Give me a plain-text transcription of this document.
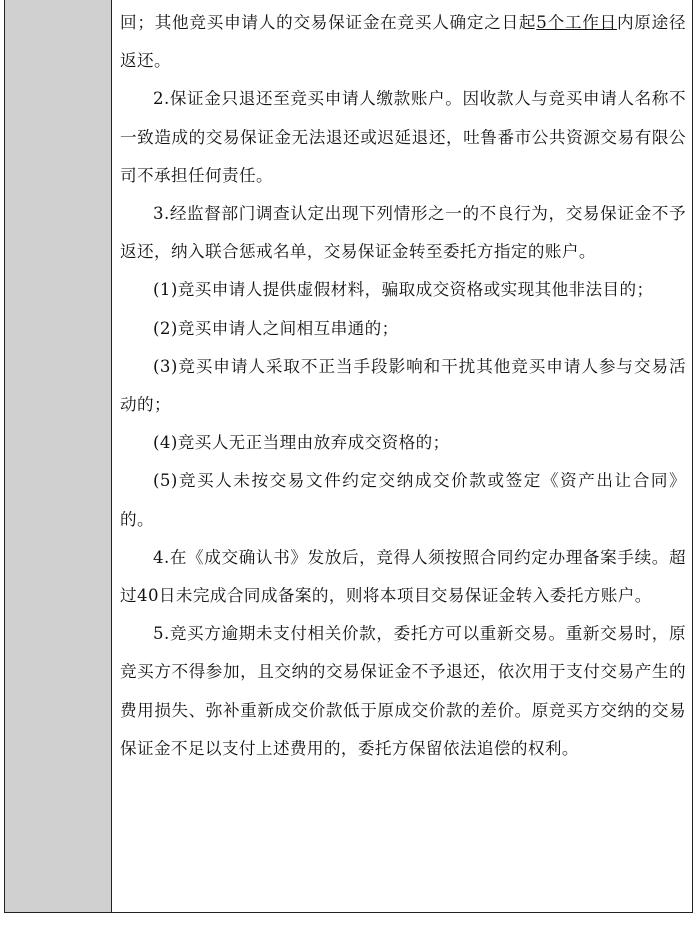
回；其他竞买申请人的交易保证金在竞买人确定之日起5个工作日内原途径返还。

2.保证金只退还至竞买申请人缴款账户。因收款人与竞买申请人名称不一致造成的交易保证金无法退还或迟延退还，吐鲁番市公共资源交易有限公司不承担任何责任。

3.经监督部门调查认定出现下列情形之一的不良行为，交易保证金不予返还，纳入联合惩戒名单，交易保证金转至委托方指定的账户。

(1)竞买申请人提供虚假材料，骗取成交资格或实现其他非法目的；

(2)竞买申请人之间相互串通的；

(3)竞买申请人采取不正当手段影响和干扰其他竞买申请人参与交易活动的；

(4)竞买人无正当理由放弃成交资格的；

(5)竞买人未按交易文件约定交纳成交价款或签定《资产出让合同》的。

4.在《成交确认书》发放后，竞得人须按照合同约定办理备案手续。超过40日未完成合同成备案的，则将本项目交易保证金转入委托方账户。

5.竞买方逾期未支付相关价款，委托方可以重新交易。重新交易时，原竞买方不得参加，且交纳的交易保证金不予退还，依次用于支付交易产生的费用损失、弥补重新成交价款低于原成交价款的差价。原竞买方交纳的交易保证金不足以支付上述费用的，委托方保留依法追偿的权利。
